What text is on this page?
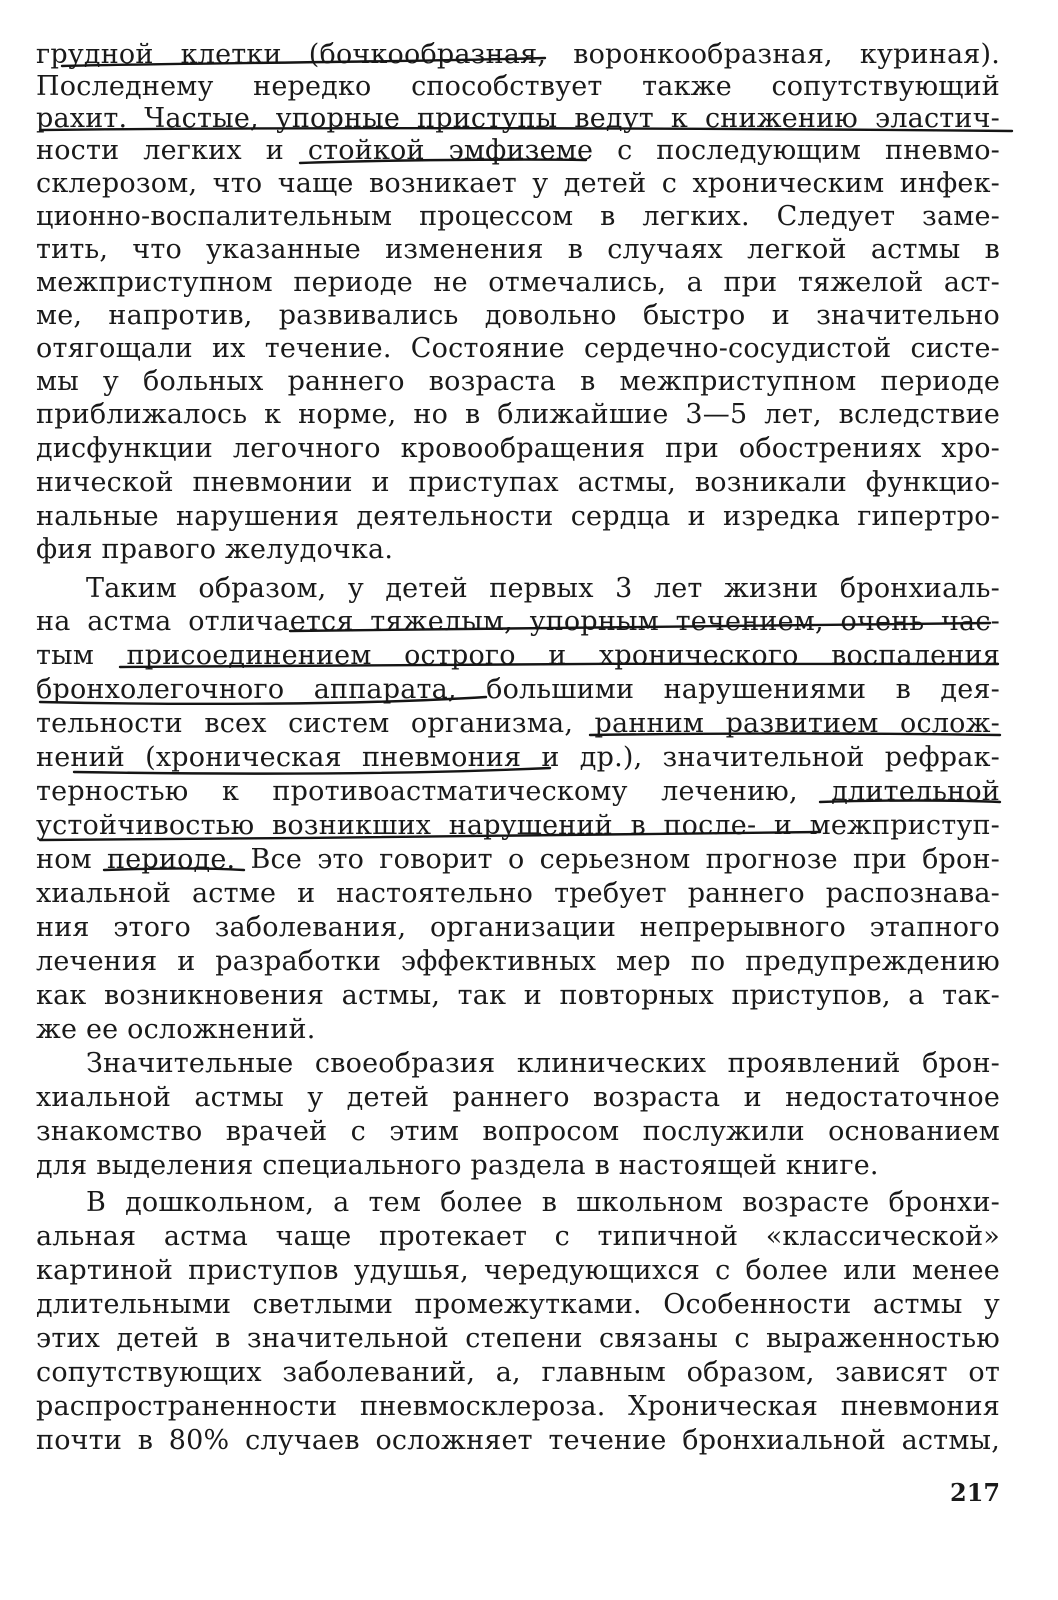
грудной клетки (бочкообразная, воронкообразная, куриная).
Последнему нередко способствует также сопутствующий
рахит. Частые, упорные приступы ведут к снижению эластич-
ности легких и стойкой эмфиземе с последующим пневмо-
склерозом, что чаще возникает у детей с хроническим инфек-
ционно-воспалительным процессом в легких. Следует заме-
тить, что указанные изменения в случаях легкой астмы в
межприступном периоде не отмечались, а при тяжелой аст-
ме, напротив, развивались довольно быстро и значительно
отягощали их течение. Состояние сердечно-сосудистой систе-
мы у больных раннего возраста в межприступном периоде
приближалось к норме, но в ближайшие 3—5 лет, вследствие
дисфункции легочного кровообращения при обострениях хро-
нической пневмонии и приступах астмы, возникали функцио-
нальные нарушения деятельности сердца и изредка гипертро-
фия правого желудочка.
Таким образом, у детей первых 3 лет жизни бронхиаль-
на астма отличается тяжелым, упорным течением, очень час-
тым присоединением острого и хронического воспаления
бронхолегочного аппарата, большими нарушениями в дея-
тельности всех систем организма, ранним развитием ослож-
нений (хроническая пневмония и др.), значительной рефрак-
терностью к противоастматическому лечению, длительной
устойчивостью возникших нарушений в после- и межприступ-
ном периоде. Все это говорит о серьезном прогнозе при брон-
хиальной астме и настоятельно требует раннего распознава-
ния этого заболевания, организации непрерывного этапного
лечения и разработки эффективных мер по предупреждению
как возникновения астмы, так и повторных приступов, а так-
же ее осложнений.
Значительные своеобразия клинических проявлений брон-
хиальной астмы у детей раннего возраста и недостаточное
знакомство врачей с этим вопросом послужили основанием
для выделения специального раздела в настоящей книге.
В дошкольном, а тем более в школьном возрасте бронхи-
альная астма чаще протекает с типичной «классической»
картиной приступов удушья, чередующихся с более или менее
длительными светлыми промежутками. Особенности астмы у
этих детей в значительной степени связаны с выраженностью
сопутствующих заболеваний, а, главным образом, зависят от
распространенности пневмосклероза. Хроническая пневмония
почти в 80% случаев осложняет течение бронхиальной астмы,
217
